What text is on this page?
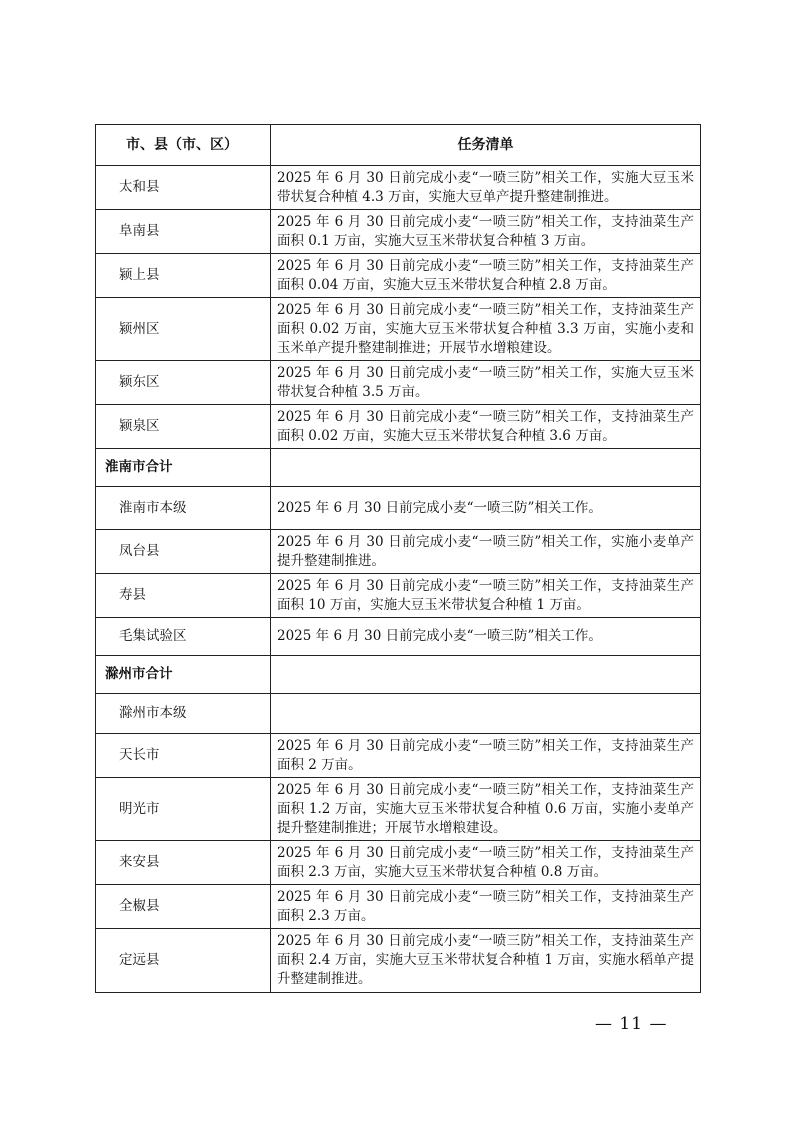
市、县（市、区）	任务清单
太和县	2025 年 6 月 30 日前完成小麦“一喷三防”相关工作，实施大豆玉米带状复合种植 4.3 万亩，实施大豆单产提升整建制推进。
阜南县	2025 年 6 月 30 日前完成小麦“一喷三防”相关工作，支持油菜生产面积 0.1 万亩，实施大豆玉米带状复合种植 3 万亩。
颍上县	2025 年 6 月 30 日前完成小麦“一喷三防”相关工作，支持油菜生产面积 0.04 万亩，实施大豆玉米带状复合种植 2.8 万亩。
颍州区	2025 年 6 月 30 日前完成小麦“一喷三防”相关工作，支持油菜生产面积 0.02 万亩，实施大豆玉米带状复合种植 3.3 万亩，实施小麦和玉米单产提升整建制推进；开展节水增粮建设。
颍东区	2025 年 6 月 30 日前完成小麦“一喷三防”相关工作，实施大豆玉米带状复合种植 3.5 万亩。
颍泉区	2025 年 6 月 30 日前完成小麦“一喷三防”相关工作，支持油菜生产面积 0.02 万亩，实施大豆玉米带状复合种植 3.6 万亩。
淮南市合计	
淮南市本级	2025 年 6 月 30 日前完成小麦“一喷三防”相关工作。
凤台县	2025 年 6 月 30 日前完成小麦“一喷三防”相关工作，实施小麦单产提升整建制推进。
寿县	2025 年 6 月 30 日前完成小麦“一喷三防”相关工作，支持油菜生产面积 10 万亩，实施大豆玉米带状复合种植 1 万亩。
毛集试验区	2025 年 6 月 30 日前完成小麦“一喷三防”相关工作。
滁州市合计	
滁州市本级	
天长市	2025 年 6 月 30 日前完成小麦“一喷三防”相关工作，支持油菜生产面积 2 万亩。
明光市	2025 年 6 月 30 日前完成小麦“一喷三防”相关工作，支持油菜生产面积 1.2 万亩，实施大豆玉米带状复合种植 0.6 万亩，实施小麦单产提升整建制推进；开展节水增粮建设。
来安县	2025 年 6 月 30 日前完成小麦“一喷三防”相关工作，支持油菜生产面积 2.3 万亩，实施大豆玉米带状复合种植 0.8 万亩。
全椒县	2025 年 6 月 30 日前完成小麦“一喷三防”相关工作，支持油菜生产面积 2.3 万亩。
定远县	2025 年 6 月 30 日前完成小麦“一喷三防”相关工作，支持油菜生产面积 2.4 万亩，实施大豆玉米带状复合种植 1 万亩，实施水稻单产提升整建制推进。
— 11 —
